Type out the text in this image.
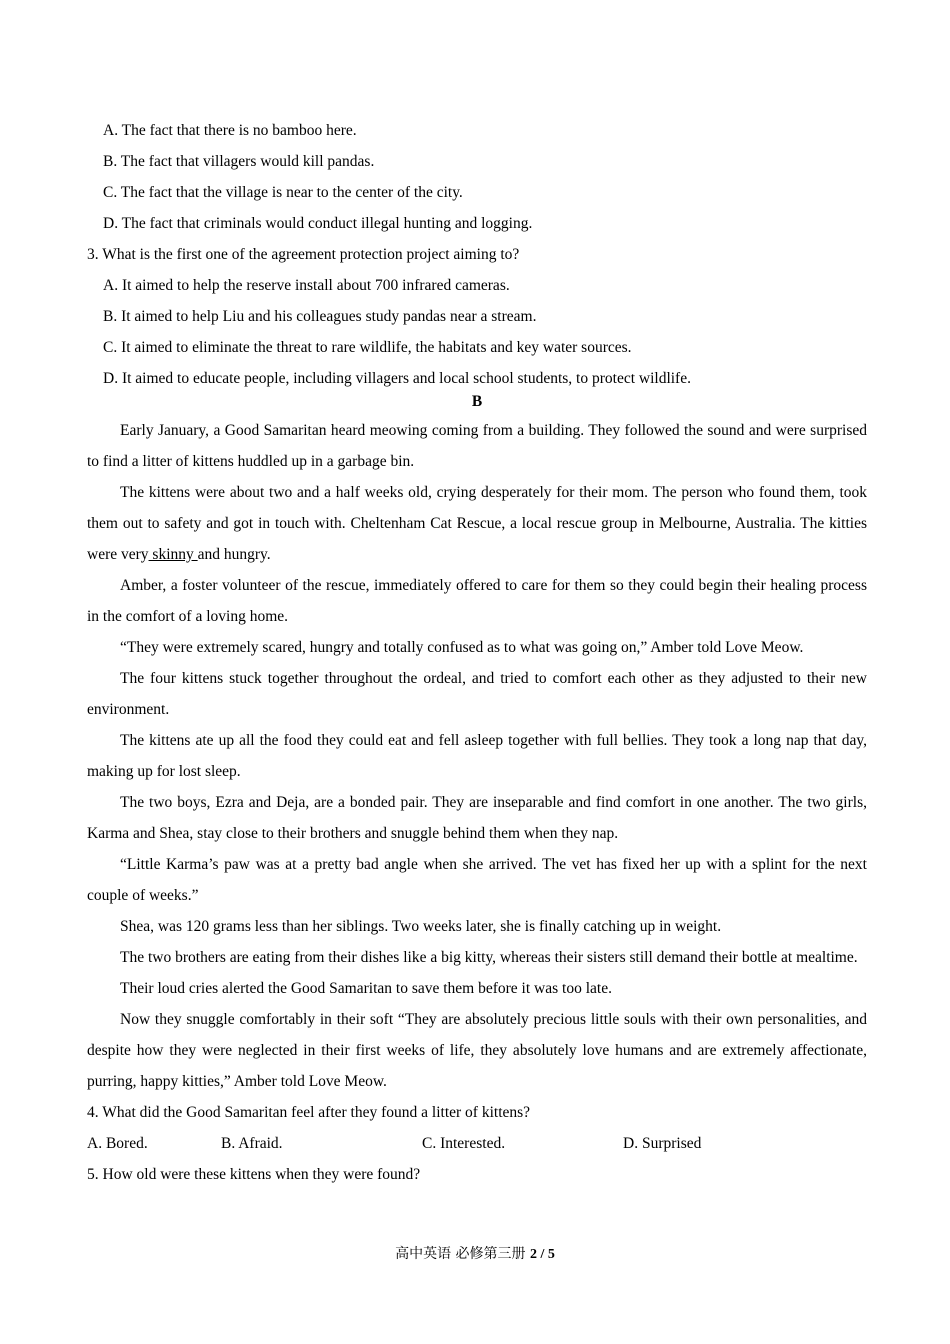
A. The fact that there is no bamboo here.
B. The fact that villagers would kill pandas.
C. The fact that the village is near to the center of the city.
D. The fact that criminals would conduct illegal hunting and logging.
3. What is the first one of the agreement protection project aiming to?
A. It aimed to help the reserve install about 700 infrared cameras.
B. It aimed to help Liu and his colleagues study pandas near a stream.
C. It aimed to eliminate the threat to rare wildlife, the habitats and key water sources.
D. It aimed to educate people, including villagers and local school students, to protect wildlife.
B

Early January, a Good Samaritan heard meowing coming from a building. They followed the sound and were surprised to find a litter of kittens huddled up in a garbage bin.

The kittens were about two and a half weeks old, crying desperately for their mom. The person who found them, took them out to safety and got in touch with. Cheltenham Cat Rescue, a local rescue group in Melbourne, Australia. The kitties were very skinny and hungry.

Amber, a foster volunteer of the rescue, immediately offered to care for them so they could begin their healing process in the comfort of a loving home.

“They were extremely scared, hungry and totally confused as to what was going on,” Amber told Love Meow.

The four kittens stuck together throughout the ordeal, and tried to comfort each other as they adjusted to their new environment.

The kittens ate up all the food they could eat and fell asleep together with full bellies. They took a long nap that day, making up for lost sleep.

The two boys, Ezra and Deja, are a bonded pair. They are inseparable and find comfort in one another. The two girls, Karma and Shea, stay close to their brothers and snuggle behind them when they nap.

“Little Karma’s paw was at a pretty bad angle when she arrived. The vet has fixed her up with a splint for the next couple of weeks.”

Shea, was 120 grams less than her siblings. Two weeks later, she is finally catching up in weight.

The two brothers are eating from their dishes like a big kitty, whereas their sisters still demand their bottle at mealtime.

Their loud cries alerted the Good Samaritan to save them before it was too late.

Now they snuggle comfortably in their soft “They are absolutely precious little souls with their own personalities, and despite how they were neglected in their first weeks of life, they absolutely love humans and are extremely affectionate, purring, happy kitties,” Amber told Love Meow.

4. What did the Good Samaritan feel after they found a litter of kittens?
A. Bored.	B. Afraid.	C. Interested.	D. Surprised
5. How old were these kittens when they were found?
高中英语 必修第三册 2 / 5
